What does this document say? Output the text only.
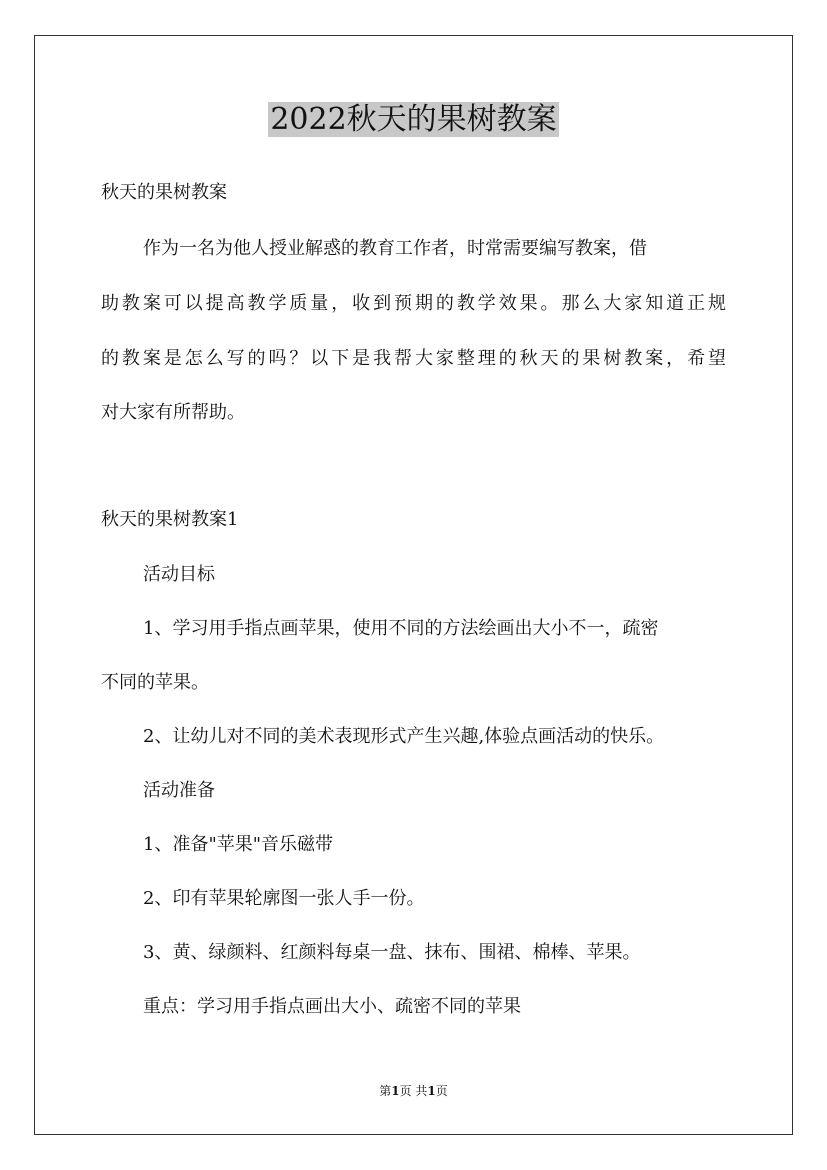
2022秋天的果树教案
秋天的果树教案
作为一名为他人授业解惑的教育工作者，时常需要编写教案，借
助教案可以提高教学质量，收到预期的教学效果。那么大家知道正规
的教案是怎么写的吗？以下是我帮大家整理的秋天的果树教案，希望
对大家有所帮助。
秋天的果树教案1
活动目标
1、学习用手指点画苹果，使用不同的方法绘画出大小不一，疏密
不同的苹果。
2、让幼儿对不同的美术表现形式产生兴趣,体验点画活动的快乐。
活动准备
1、准备"苹果"音乐磁带
2、印有苹果轮廓图一张人手一份。
3、黄、绿颜料、红颜料每桌一盘、抹布、围裙、棉棒、苹果。
重点：学习用手指点画出大小、疏密不同的苹果
第1页 共1页
